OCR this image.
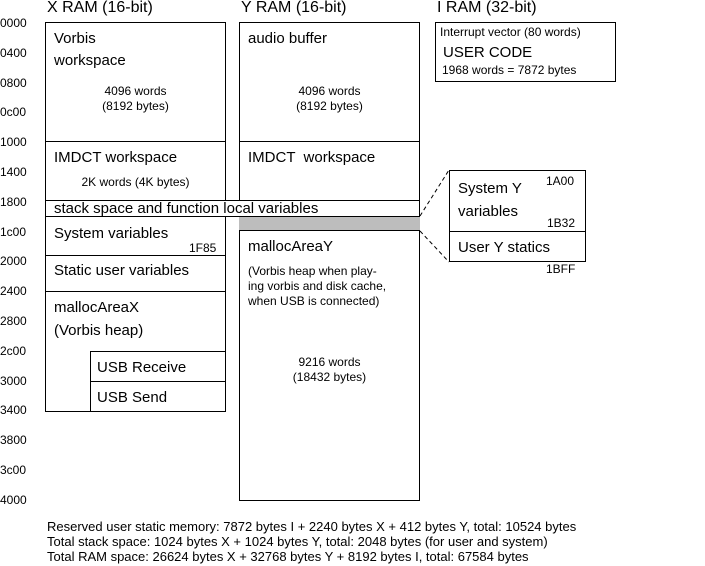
X RAM (16-bit)	Y RAM (16-bit)	I RAM (32-bit)
0000
0400
0800
0c00
1000
1400
1800
1c00
2000
2400
2800
2c00
3000
3400
3800
3c00
4000
Vorbis
workspace
4096 words
(8192 bytes)
IMDCT workspace
2K words (4K bytes)
System variables
1F85
Static user variables
mallocAreaX
(Vorbis heap)
USB Receive
USB Send
audio buffer
4096 words
(8192 bytes)
IMDCT  workspace
mallocAreaY
(Vorbis heap when play-
ing vorbis and disk cache,
when USB is connected)
9216 words
(18432 bytes)
stack space and function local variables
Interrupt vector (80 words)
USER CODE
1968 words = 7872 bytes
System Y
variables
1A00
1B32
User Y statics
1BFF
Reserved user static memory: 7872 bytes I + 2240 bytes X + 412 bytes Y, total: 10524 bytes
Total stack space: 1024 bytes X + 1024 bytes Y, total: 2048 bytes (for user and system)
Total RAM space: 26624 bytes X + 32768 bytes Y + 8192 bytes I, total: 67584 bytes
